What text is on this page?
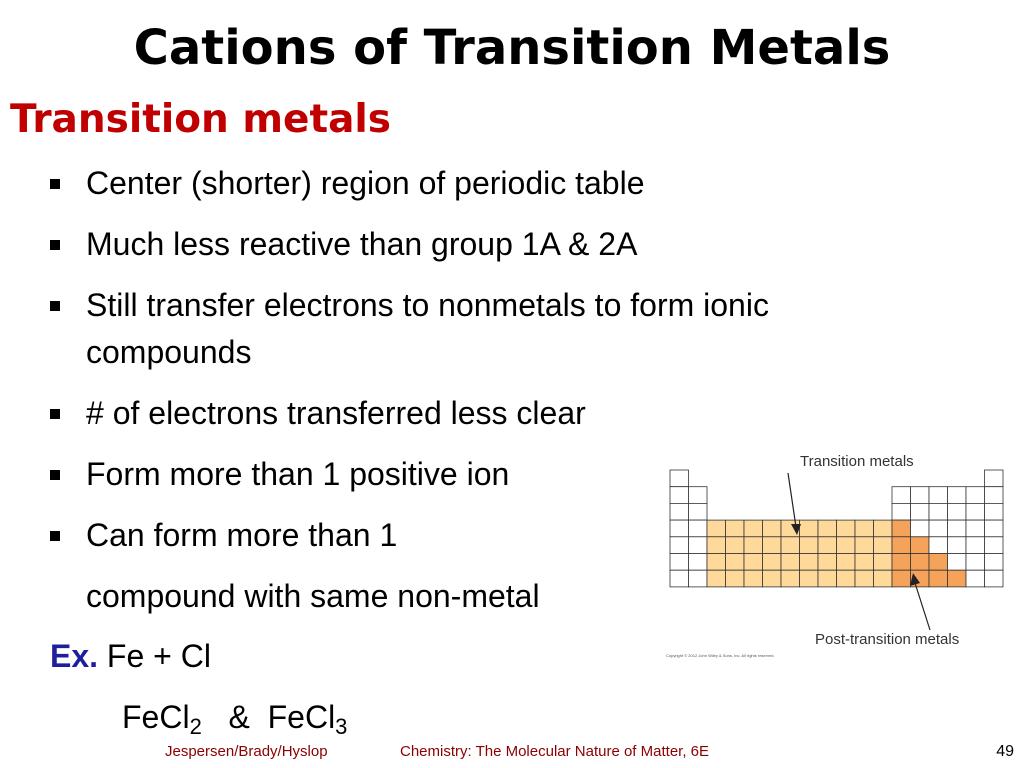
Cations of Transition Metals
Transition metals
Center (shorter) region of periodic table
Much less reactive than group 1A & 2A
Still transfer electrons to nonmetals to form ionic
compounds
# of electrons transferred less clear
Form more than 1 positive ion
Can form more than 1
compound with same non-metal
Ex. Fe + Cl
FeCl$_2$ & FeCl$_3$
Transition metals
Post-transition metals
Copyright © 2012 John Wiley & Sons, Inc. All rights reserved.
Jespersen/Brady/Hyslop	Chemistry: The Molecular Nature of Matter, 6E	49
